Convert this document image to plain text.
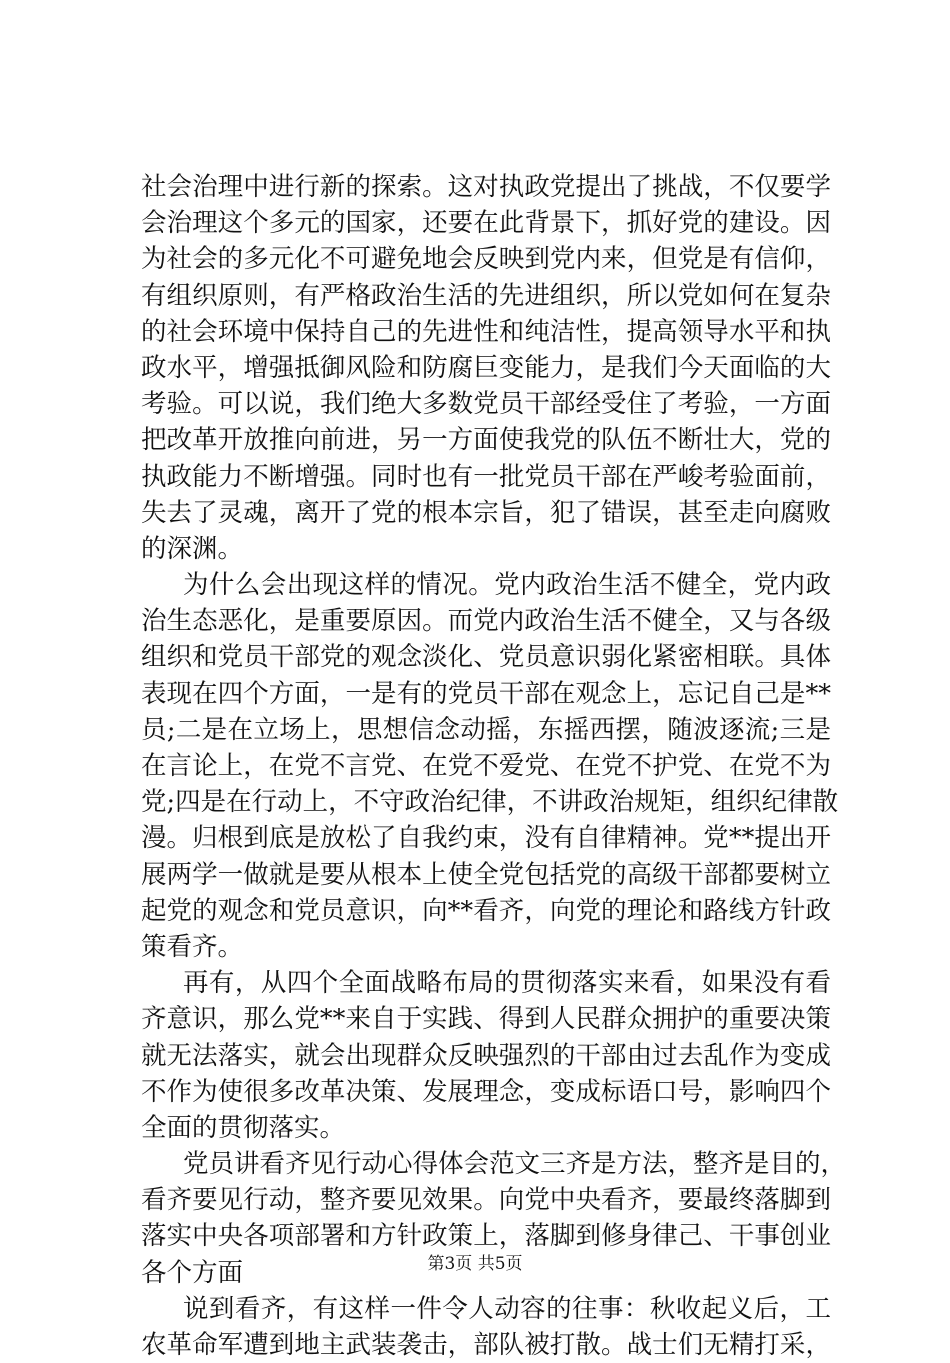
社会治理中进行新的探索。这对执政党提出了挑战，不仅要学
会治理这个多元的国家，还要在此背景下，抓好党的建设。因
为社会的多元化不可避免地会反映到党内来，但党是有信仰，
有组织原则，有严格政治生活的先进组织，所以党如何在复杂
的社会环境中保持自己的先进性和纯洁性，提高领导水平和执
政水平，增强抵御风险和防腐巨变能力，是我们今天面临的大
考验。可以说，我们绝大多数党员干部经受住了考验，一方面
把改革开放推向前进，另一方面使我党的队伍不断壮大，党的
执政能力不断增强。同时也有一批党员干部在严峻考验面前，
失去了灵魂，离开了党的根本宗旨，犯了错误，甚至走向腐败
的深渊。
为什么会出现这样的情况。党内政治生活不健全，党内政
治生态恶化，是重要原因。而党内政治生活不健全，又与各级
组织和党员干部党的观念淡化、党员意识弱化紧密相联。具体
表现在四个方面，一是有的党员干部在观念上，忘记自己是**
员;二是在立场上，思想信念动摇，东摇西摆，随波逐流;三是
在言论上，在党不言党、在党不爱党、在党不护党、在党不为
党;四是在行动上，不守政治纪律，不讲政治规矩，组织纪律散
漫。归根到底是放松了自我约束，没有自律精神。党**提出开
展两学一做就是要从根本上使全党包括党的高级干部都要树立
起党的观念和党员意识，向**看齐，向党的理论和路线方针政
策看齐。
再有，从四个全面战略布局的贯彻落实来看，如果没有看
齐意识，那么党**来自于实践、得到人民群众拥护的重要决策
就无法落实，就会出现群众反映强烈的干部由过去乱作为变成
不作为使很多改革决策、发展理念，变成标语口号，影响四个
全面的贯彻落实。
党员讲看齐见行动心得体会范文三齐是方法，整齐是目的，
看齐要见行动，整齐要见效果。向党中央看齐，要最终落脚到
落实中央各项部署和方针政策上，落脚到修身律己、干事创业
各个方面
说到看齐，有这样一件令人动容的往事：秋收起义后，工
农革命军遭到地主武装袭击，部队被打散。战士们无精打采，
第3页 共5页
